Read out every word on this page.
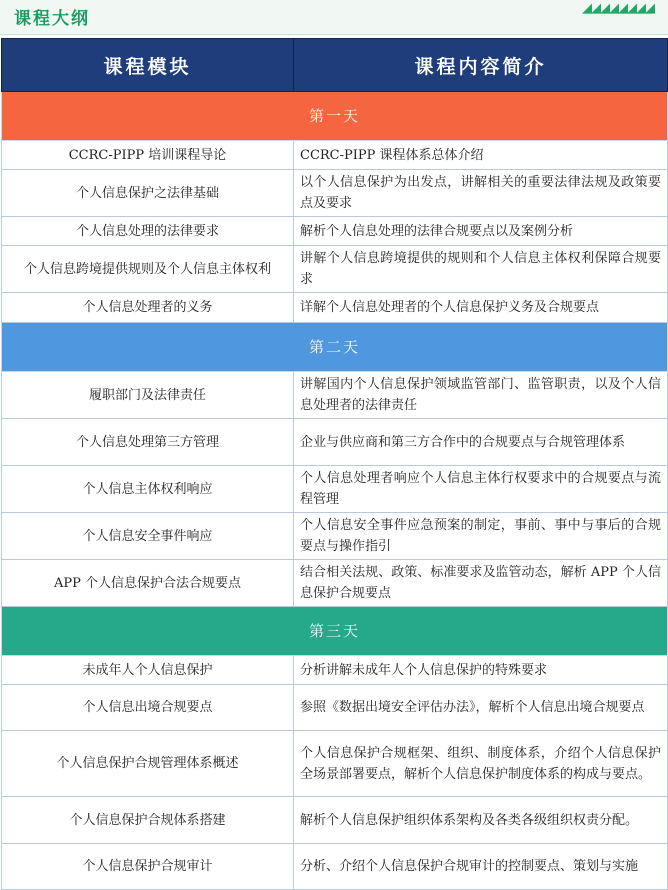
课程大纲
◢◢◢◢◢◢◢◢
课程模块	课程内容简介
第一天	
CCRC-PIPP 培训课程导论	CCRC-PIPP 课程体系总体介绍
个人信息保护之法律基础	以个人信息保护为出发点，讲解相关的重要法律法规及政策要点及要求
个人信息处理的法律要求	解析个人信息处理的法律合规要点以及案例分析
个人信息跨境提供规则及个人信息主体权利	讲解个人信息跨境提供的规则和个人信息主体权利保障合规要求
个人信息处理者的义务	详解个人信息处理者的个人信息保护义务及合规要点
第二天	
履职部门及法律责任	讲解国内个人信息保护领域监管部门、监管职责，以及个人信息处理者的法律责任
个人信息处理第三方管理	企业与供应商和第三方合作中的合规要点与合规管理体系
个人信息主体权利响应	个人信息处理者响应个人信息主体行权要求中的合规要点与流程管理
个人信息安全事件响应	个人信息安全事件应急预案的制定，事前、事中与事后的合规要点与操作指引
APP 个人信息保护合法合规要点	结合相关法规、政策、标准要求及监管动态，解析 APP 个人信息保护合规要点
第三天	
未成年人个人信息保护	分析讲解未成年人个人信息保护的特殊要求
个人信息出境合规要点	参照《数据出境安全评估办法》，解析个人信息出境合规要点
个人信息保护合规管理体系概述	个人信息保护合规框架、组织、制度体系，介绍个人信息保护全场景部署要点，解析个人信息保护制度体系的构成与要点。
个人信息保护合规体系搭建	解析个人信息保护组织体系架构及各类各级组织权责分配。
个人信息保护合规审计	分析、介绍个人信息保护合规审计的控制要点、策划与实施
